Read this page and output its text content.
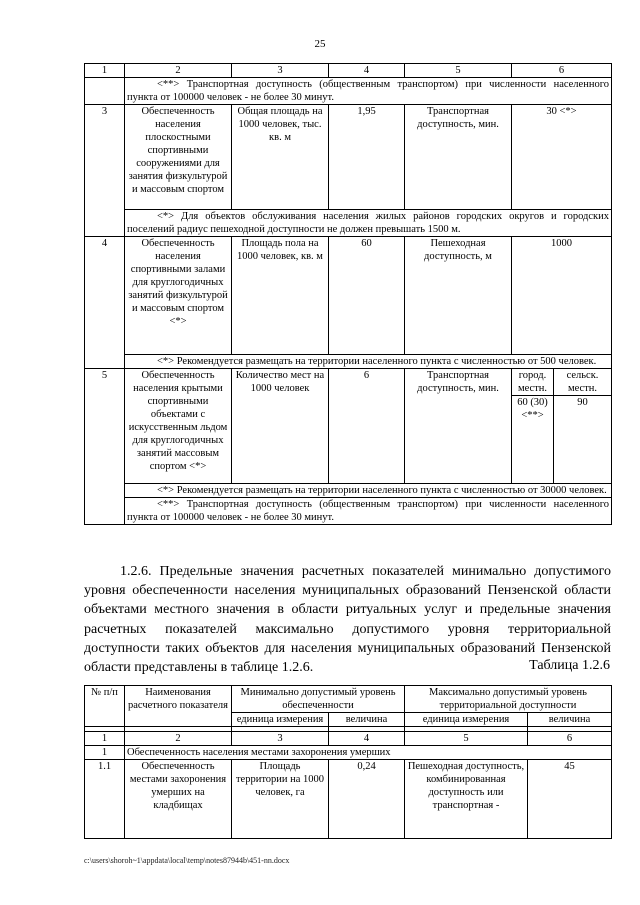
25
1	2	3	4	5	6	
	<**> Транспортная доступность (общественным транспортом) при численности населенного пункта от 100000 человек - не более 30 минут.					
3	Обеспеченность населения плоскостными спортивными сооружениями для занятия физкультурой и массовым спортом	Общая площадь на 1000 человек, тыс. кв. м	1,95	Транспортная доступность, мин.	30 <*>	
	<*> Для объектов обслуживания населения жилых районов городских округов и городских поселений радиус пешеходной доступности не должен превышать 1500 м.					
4	Обеспеченность населения спортивными залами для круглогодичных занятий физкультурой и массовым спортом <*>	Площадь пола на 1000 человек, кв. м	60	Пешеходная доступность, м	1000	
	<*> Рекомендуется размещать на территории населенного пункта с численностью от 500 человек.					
5	Обеспеченность населения крытыми спортивными объектами с искусственным льдом для круглогодичных занятий массовым спортом <*>	Количество мест на 1000 человек	6	Транспортная доступность, мин.	город. местн.	сельск. местн.
					60 (30) <**>	90
	<*> Рекомендуется размещать на территории населенного пункта с численностью от 30000 человек.					
	<**> Транспортная доступность (общественным транспортом) при численности населенного пункта от 100000 человек - не более 30 минут.					

1.2.6. Предельные значения расчетных показателей минимально допустимого уровня обеспеченности населения муниципальных образований Пензенской области объектами местного значения в области ритуальных услуг и предельные значения расчетных показателей максимально допустимого уровня территориальной доступности таких объектов для населения муниципальных образований Пензенской области представлены в таблице 1.2.6.	Таблица 1.2.6
№ п/п	Наименования расчетного показателя	Минимально допустимый уровень обеспеченности		Максимально допустимый уровень территориальной доступности	
		единица измерения	величина	единица измерения	величина

1	2	3	4	5	6
1	Обеспеченность населения местами захоронения умерших				
1.1	Обеспеченность местами захоронения умерших на кладбищах	Площадь территории на 1000 человек, га	0,24	Пешеходная доступность, комбинированная доступность или транспортная -	45
c:\users\shoroh~1\appdata\local\temp\notes87944b\451-nn.docx
